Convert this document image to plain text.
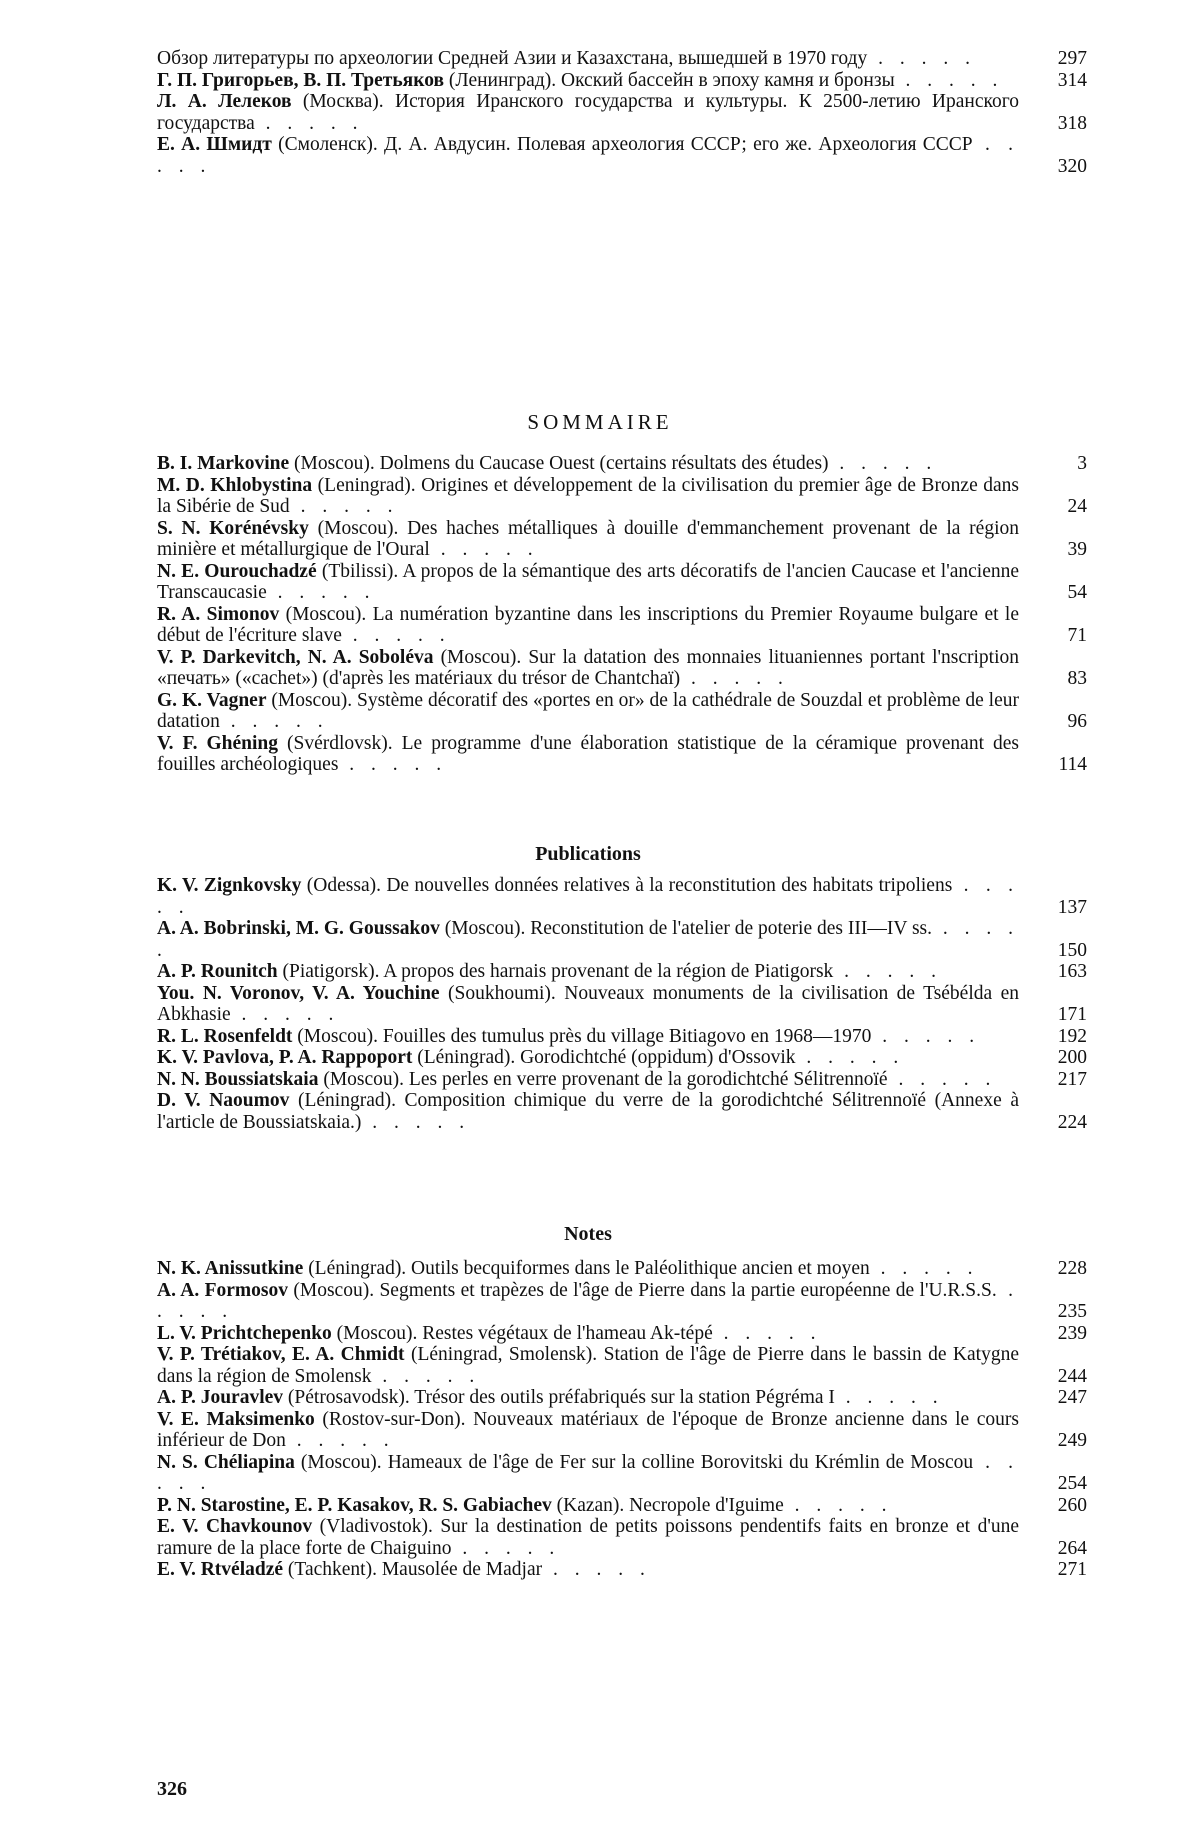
Обзор литературы по археологии Средней Азии и Казахстана, вышедшей в 1970 году . . . . .	297
Г. П. Григорьев, В. П. Третьяков (Ленинград). Окский бассейн в эпоху камня и бронзы . . . . .	314
Л. А. Лелеков (Москва). История Иранского государства и культуры. К 2500-летию Иранского государства . . . . .	318
Е. А. Шмидт (Смоленск). Д. А. Авдусин. Полевая археология СССР; его же. Археология СССР . . . . .	320
SOMMAIRE
B. I. Markovine (Moscou). Dolmens du Caucase Ouest (certains résultats des études) . . . . .	3
M. D. Khlobystina (Leningrad). Origines et développement de la civilisation du premier âge de Bronze dans la Sibérie de Sud . . . . .	24
S. N. Korénévsky (Moscou). Des haches métalliques à douille d'emmanchement provenant de la région minière et métallurgique de l'Oural . . . . .	39
N. E. Ourouchadzé (Tbilissi). A propos de la sémantique des arts décoratifs de l'ancien Caucase et l'ancienne Transcaucasie . . . . .	54
R. A. Simonov (Moscou). La numération byzantine dans les inscriptions du Premier Royaume bulgare et le début de l'écriture slave . . . . .	71
V. P. Darkevitch, N. A. Soboléva (Moscou). Sur la datation des monnaies lituaniennes portant l'nscription «печать» («cachet») (d'après les matériaux du trésor de Chantchaï) . . . . .	83
G. K. Vagner (Moscou). Système décoratif des «portes en or» de la cathédrale de Souzdal et problème de leur datation . . . . .	96
V. F. Ghéning (Svérdlovsk). Le programme d'une élaboration statistique de la céramique provenant des fouilles archéologiques . . . . .	114
Publications
K. V. Zignkovsky (Odessa). De nouvelles données relatives à la reconstitution des habitats tripoliens . . . . .	137
A. A. Bobrinski, M. G. Goussakov (Moscou). Reconstitution de l'atelier de poterie des III—IV ss. . . . . .	150
A. P. Rounitch (Piatigorsk). A propos des harnais provenant de la région de Piatigorsk . . . . .	163
You. N. Voronov, V. A. Youchine (Soukhoumi). Nouveaux monuments de la civilisation de Tsébélda en Abkhasie . . . . .	171
R. L. Rosenfeldt (Moscou). Fouilles des tumulus près du village Bitiagovo en 1968—1970 . . . . .	192
K. V. Pavlova, P. A. Rappoport (Léningrad). Gorodichtché (oppidum) d'Ossovik . . . . .	200
N. N. Boussiatskaia (Moscou). Les perles en verre provenant de la gorodichtché Sélitrennoïé . . . . .	217
D. V. Naoumov (Léningrad). Composition chimique du verre de la gorodichtché Sélitrennoïé (Annexe à l'article de Boussiatskaia.) . . . . .	224
Notes
N. K. Anissutkine (Léningrad). Outils becquiformes dans le Paléolithique ancien et moyen . . . . .	228
A. A. Formosov (Moscou). Segments et trapèzes de l'âge de Pierre dans la partie européenne de l'U.R.S.S. . . . . .	235
L. V. Prichtchepenko (Moscou). Restes végétaux de l'hameau Ak-tépé . . . . .	239
V. P. Trétiakov, E. A. Chmidt (Léningrad, Smolensk). Station de l'âge de Pierre dans le bassin de Katygne dans la région de Smolensk . . . . .	244
A. P. Jouravlev (Pétrosavodsk). Trésor des outils préfabriqués sur la station Pégréma I . . . . .	247
V. E. Maksimenko (Rostov-sur-Don). Nouveaux matériaux de l'époque de Bronze ancienne dans le cours inférieur de Don . . . . .	249
N. S. Chéliapina (Moscou). Hameaux de l'âge de Fer sur la colline Borovitski du Krémlin de Moscou . . . . .	254
P. N. Starostine, E. P. Kasakov, R. S. Gabiachev (Kazan). Necropole d'Iguime . . . . .	260
E. V. Chavkounov (Vladivostok). Sur la destination de petits poissons pendentifs faits en bronze et d'une ramure de la place forte de Chaiguino . . . . .	264
E. V. Rtvéladzé (Tachkent). Mausolée de Madjar . . . . .	271
326
